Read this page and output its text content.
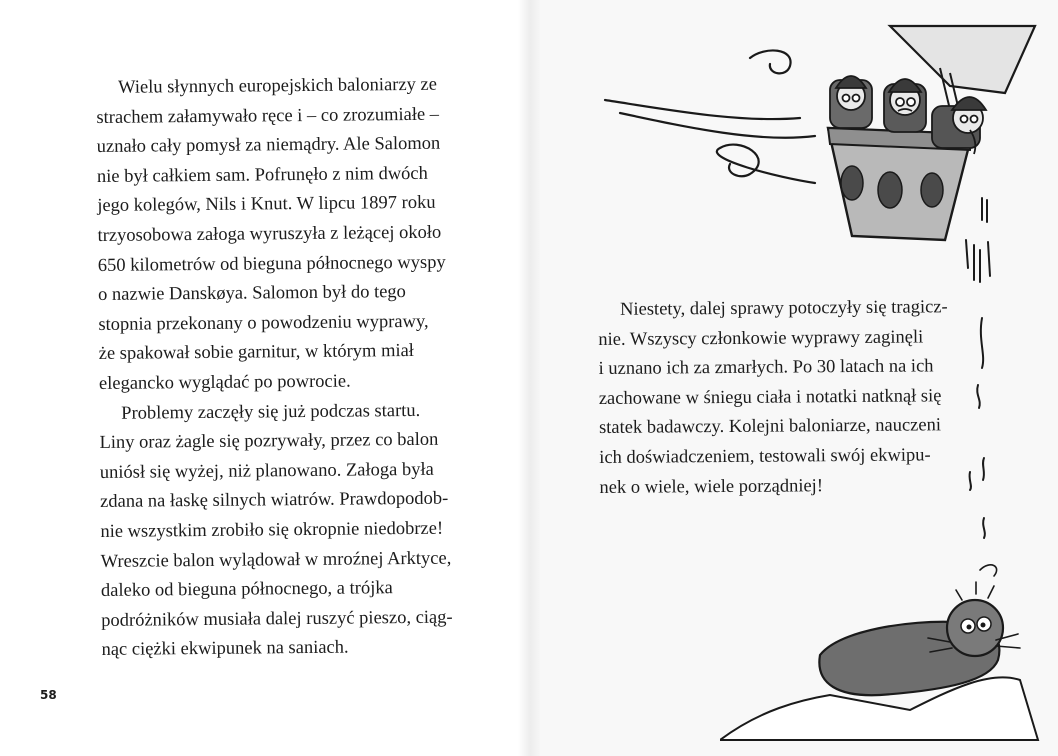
Wielu słynnych europejskich baloniarzy ze
strachem załamywało ręce i – co zrozumiałe –
uznało cały pomysł za niemądry. Ale Salomon
nie był całkiem sam. Pofrunęło z nim dwóch
jego kolegów, Nils i Knut. W lipcu 1897 roku
trzyosobowa załoga wyruszyła z leżącej około
650 kilometrów od bieguna północnego wyspy
o nazwie Danskøya. Salomon był do tego
stopnia przekonany o powodzeniu wyprawy,
że spakował sobie garnitur, w którym miał
elegancko wyglądać po powrocie.
Problemy zaczęły się już podczas startu.
Liny oraz żagle się pozrywały, przez co balon
uniósł się wyżej, niż planowano. Załoga była
zdana na łaskę silnych wiatrów. Prawdopodob-
nie wszystkim zrobiło się okropnie niedobrze!
Wreszcie balon wylądował w mroźnej Arktyce,
daleko od bieguna północnego, a trójka
podróżników musiała dalej ruszyć pieszo, ciąg-
nąc ciężki ekwipunek na saniach.
58
Niestety, dalej sprawy potoczyły się tragicz-
nie. Wszyscy członkowie wyprawy zaginęli
i uznano ich za zmarłych. Po 30 latach na ich
zachowane w śniegu ciała i notatki natknął się
statek badawczy. Kolejni baloniarze, nauczeni
ich doświadczeniem, testowali swój ekwipu-
nek o wiele, wiele porządniej!
